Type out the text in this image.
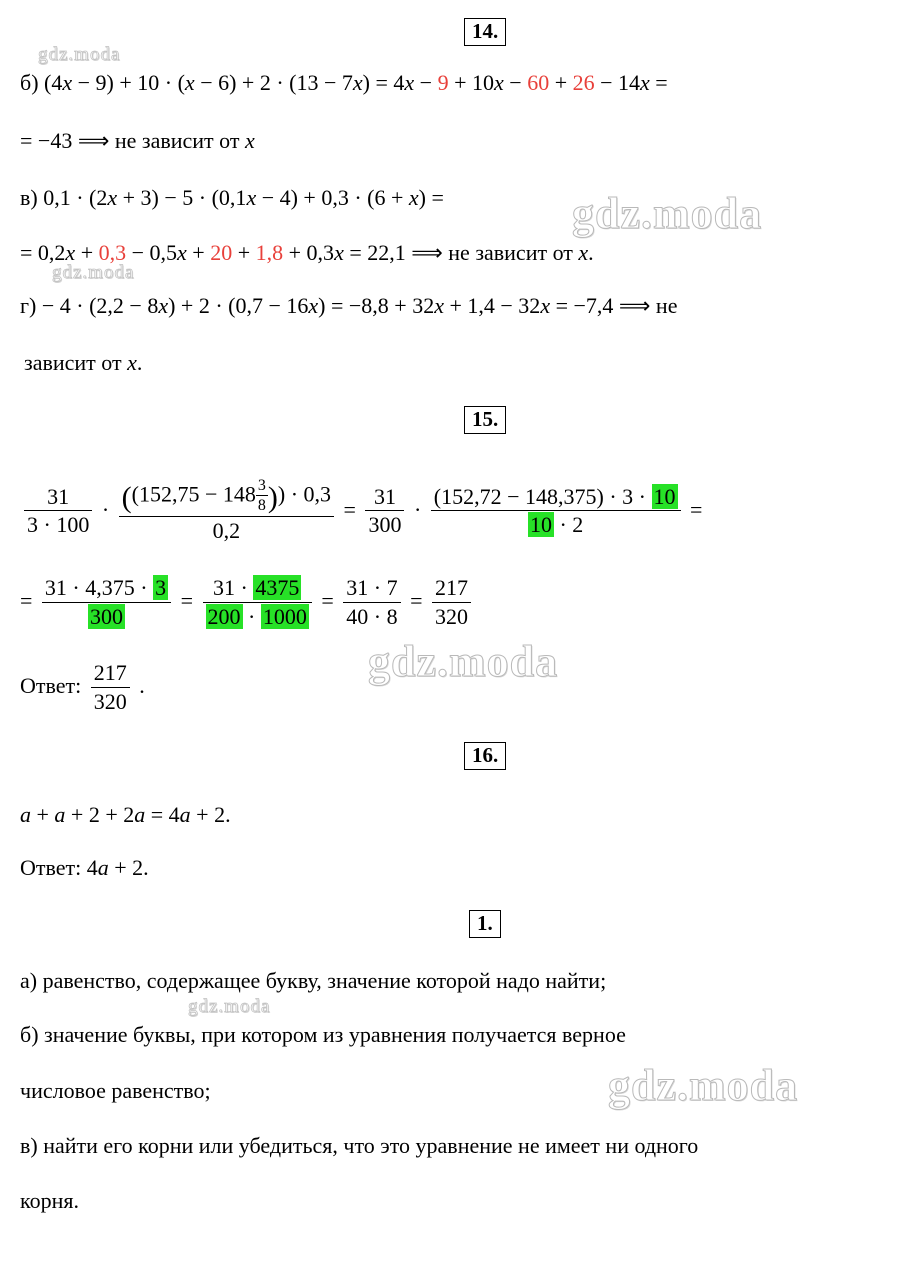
14.
б) (4x − 9) + 10 · (x − 6) + 2 · (13 − 7x) = 4x − 9 + 10x − 60 + 26 − 14x =
= −43 ⟹ не зависит от x
в) 0,1 · (2x + 3) − 5 · (0,1x − 4) + 0,3 · (6 + x) =
= 0,2x + 0,3 − 0,5x + 20 + 1,8 + 0,3x = 22,1 ⟹ не зависит от x.
г) − 4 · (2,2 − 8x) + 2 · (0,7 − 16x) = −8,8 + 32x + 1,4 − 32x = −7,4 ⟹ не
зависит от x.
15.
$\frac{31}{3 \cdot 100} \cdot \frac{((152,75 - 148 \frac{3}{8} )) \cdot 0,3}{0,2} = \frac{31}{300} \cdot \frac{(152,72 - 148,375) \cdot 3 \cdot 10}{10 \cdot 2}$ =
= $\frac{31 \cdot 4,375 \cdot 3}{300} = \frac{31 \cdot 4375}{200 \cdot 1000} = \frac{31 \cdot 7}{40 \cdot 8} = \frac{217}{320}$
Ответ: $\frac{217}{320}$ .
16.
a + a + 2 + 2a = 4a + 2.
Ответ: 4a + 2.
1.
а) равенство, содержащее букву, значение которой надо найти;
б) значение буквы, при котором из уравнения получается верное
числовое равенство;
в) найти его корни или убедиться, что это уравнение не имеет ни одного
корня.
gdz.moda
gdz.moda
gdz.moda
gdz.moda
gdz.moda
gdz.moda
